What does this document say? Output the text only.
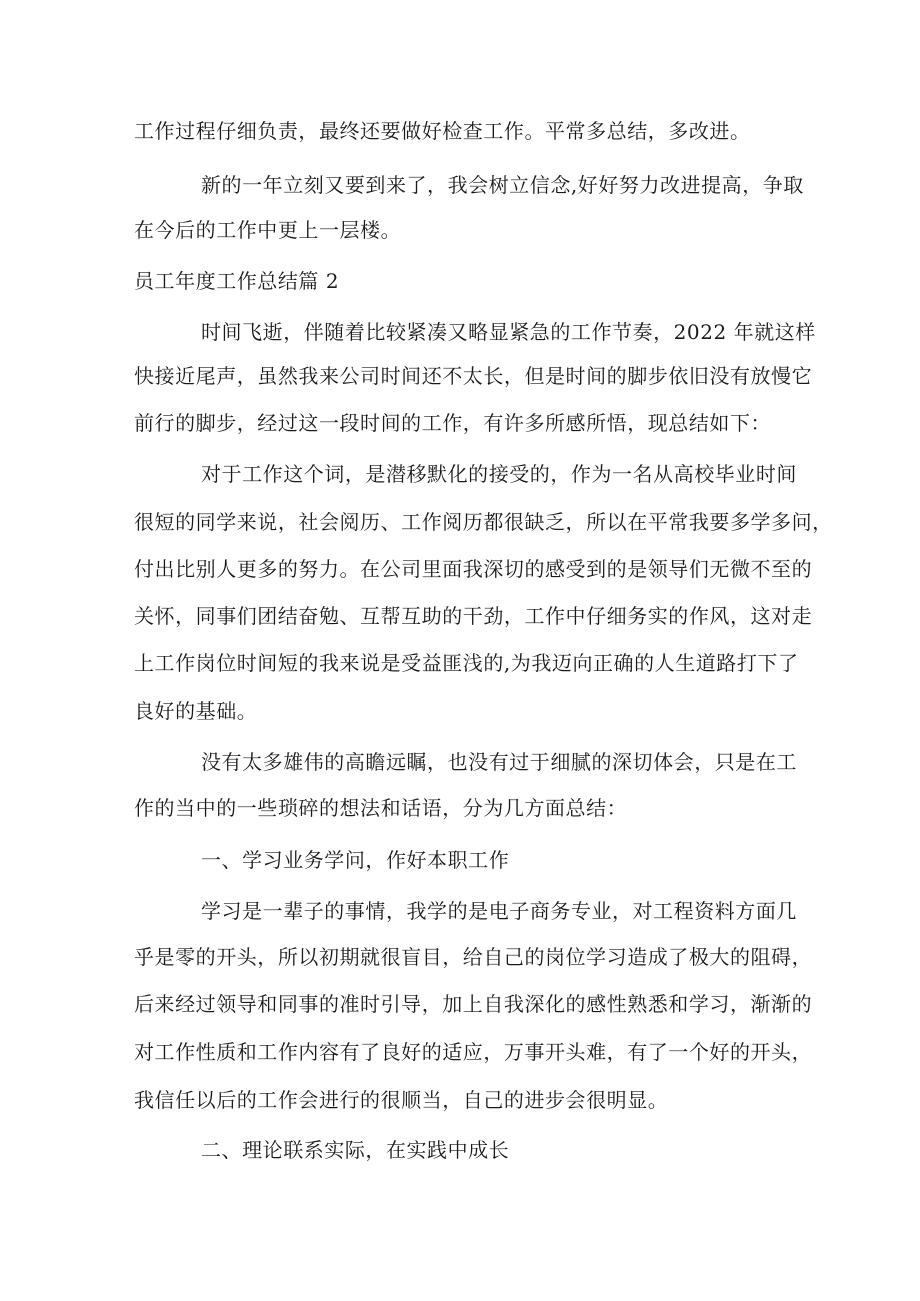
工作过程仔细负责，最终还要做好检查工作。平常多总结，多改进。
新的一年立刻又要到来了，我会树立信念,好好努力改进提高，争取
在今后的工作中更上一层楼。
员工年度工作总结篇 2
时间飞逝，伴随着比较紧凑又略显紧急的工作节奏，2022 年就这样
快接近尾声，虽然我来公司时间还不太长，但是时间的脚步依旧没有放慢它
前行的脚步，经过这一段时间的工作，有许多所感所悟，现总结如下：
对于工作这个词，是潜移默化的接受的，作为一名从高校毕业时间
很短的同学来说，社会阅历、工作阅历都很缺乏，所以在平常我要多学多问，
付出比别人更多的努力。在公司里面我深切的感受到的是领导们无微不至的
关怀，同事们团结奋勉、互帮互助的干劲，工作中仔细务实的作风，这对走
上工作岗位时间短的我来说是受益匪浅的,为我迈向正确的人生道路打下了
良好的基础。
没有太多雄伟的高瞻远瞩，也没有过于细腻的深切体会，只是在工
作的当中的一些琐碎的想法和话语，分为几方面总结：
一、学习业务学问，作好本职工作
学习是一辈子的事情，我学的是电子商务专业，对工程资料方面几
乎是零的开头，所以初期就很盲目，给自己的岗位学习造成了极大的阻碍，
后来经过领导和同事的准时引导，加上自我深化的感性熟悉和学习，渐渐的
对工作性质和工作内容有了良好的适应，万事开头难，有了一个好的开头，
我信任以后的工作会进行的很顺当，自己的进步会很明显。
二、理论联系实际，在实践中成长
